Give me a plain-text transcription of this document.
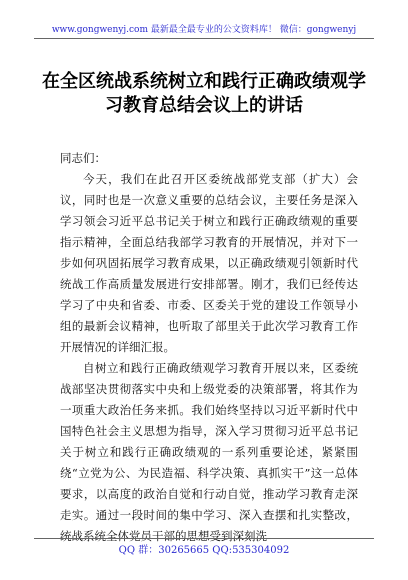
www.gongwenyj.com 最新最全最专业的公文资料库！ 微信：gongwenyj
在全区统战系统树立和践行正确政绩观学
习教育总结会议上的讲话

同志们：

今天，我们在此召开区委统战部党支部（扩大）会议，同时也是一次意义重要的总结会议，主要任务是深入学习领会习近平总书记关于树立和践行正确政绩观的重要指示精神，全面总结我部学习教育的开展情况，并对下一步如何巩固拓展学习教育成果，以正确政绩观引领新时代统战工作高质量发展进行安排部署。刚才，我们已经传达学习了中央和省委、市委、区委关于党的建设工作领导小组的最新会议精神，也听取了部里关于此次学习教育工作开展情况的详细汇报。

自树立和践行正确政绩观学习教育开展以来，区委统战部坚决贯彻落实中央和上级党委的决策部署，将其作为一项重大政治任务来抓。我们始终坚持以习近平新时代中国特色社会主义思想为指导，深入学习贯彻习近平总书记关于树立和践行正确政绩观的一系列重要论述，紧紧围绕“立党为公、为民造福、科学决策、真抓实干”这一总体要求，以高度的政治自觉和行动自觉，推动学习教育走深走实。通过一段时间的集中学习、深入查摆和扎实整改，统战系统全体党员干部的思想受到深刻洗

QQ 群：30265665 QQ:535304092
